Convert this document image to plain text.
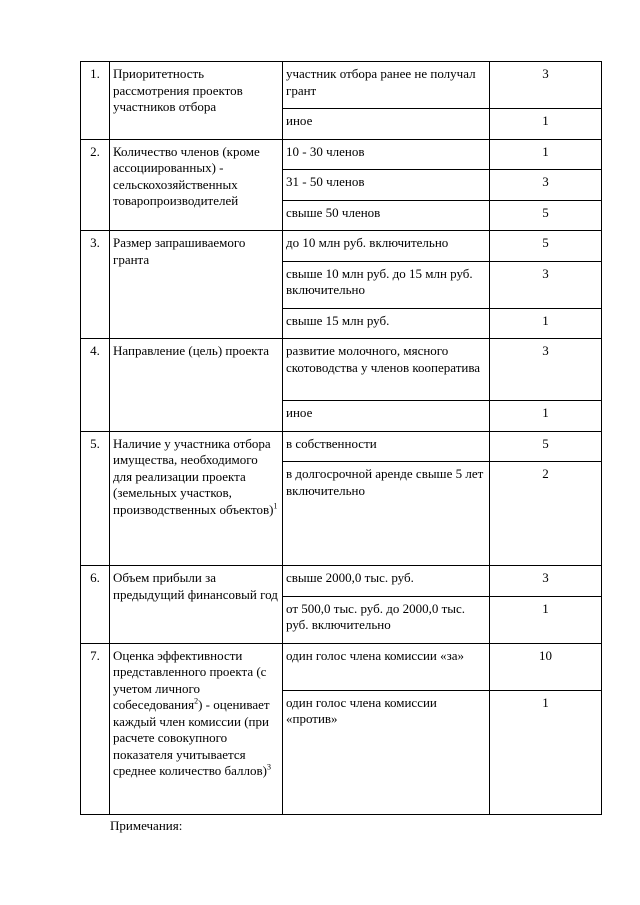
1.	Приоритетность рассмотрения проектов участников отбора	участник отбора ранее не получал грант	3
		иное	1
2.	Количество членов (кроме ассоциированных) - сельскохозяйственных товаропроизводителей	10 - 30 членов	1
		31 - 50 членов	3
		свыше 50 членов	5
3.	Размер запрашиваемого гранта	до 10 млн руб. включительно	5
		свыше 10 млн руб. до 15 млн руб. включительно	3
		свыше 15 млн руб.	1
4.	Направление (цель) проекта	развитие молочного, мясного скотоводства у членов кооператива	3
		иное	1
5.	Наличие у участника отбора имущества, необходимого для реализации проекта (земельных участков, производственных объектов)$^1$	в собственности	5
		в долгосрочной аренде свыше 5 лет включительно	2
6.	Объем прибыли за предыдущий финансовый год	свыше 2000,0 тыс. руб.	3
		от 500,0 тыс. руб. до 2000,0 тыс. руб. включительно	1
7.	Оценка эффективности представленного проекта (с учетом личного собеседования$^2$) - оценивает каждый член комиссии (при расчете совокупного показателя учитывается среднее количество баллов)$^3$	один голос члена комиссии «за»	10
		один голос члена комиссии «против»	1
Примечания:
